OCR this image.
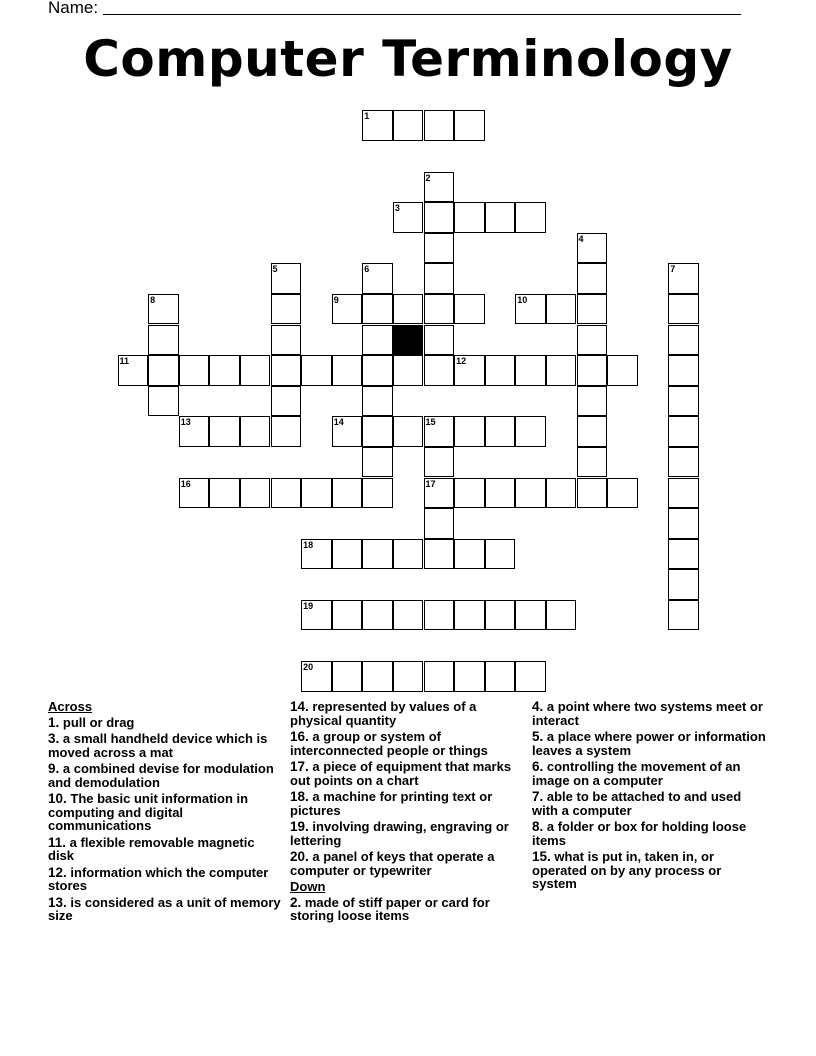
Name:
Computer Terminology
1
2
3
4
5	6	7
8	9	10
11	12
13	14	15
17
16
18
19
20
Across
1. pull or drag
3. a small handheld device which is moved across a mat
9. a combined devise for modulation and demodulation
10. The basic unit information in computing and digital communications
11. a flexible removable magnetic disk
12. information which the computer stores
13. is considered as a unit of memory size
14. represented by values of a physical quantity
16. a group or system of interconnected people or things
17. a piece of equipment that marks out points on a chart
18. a machine for printing text or pictures
19. involving drawing, engraving or lettering
20. a panel of keys that operate a computer or typewriter
Down
2. made of stiff paper or card for storing loose items
4. a point where two systems meet or interact
5. a place where power or information leaves a system
6. controlling the movement of an image on a computer
7. able to be attached to and used with a computer
8. a folder or box for holding loose items
15. what is put in, taken in, or operated on by any process or system
